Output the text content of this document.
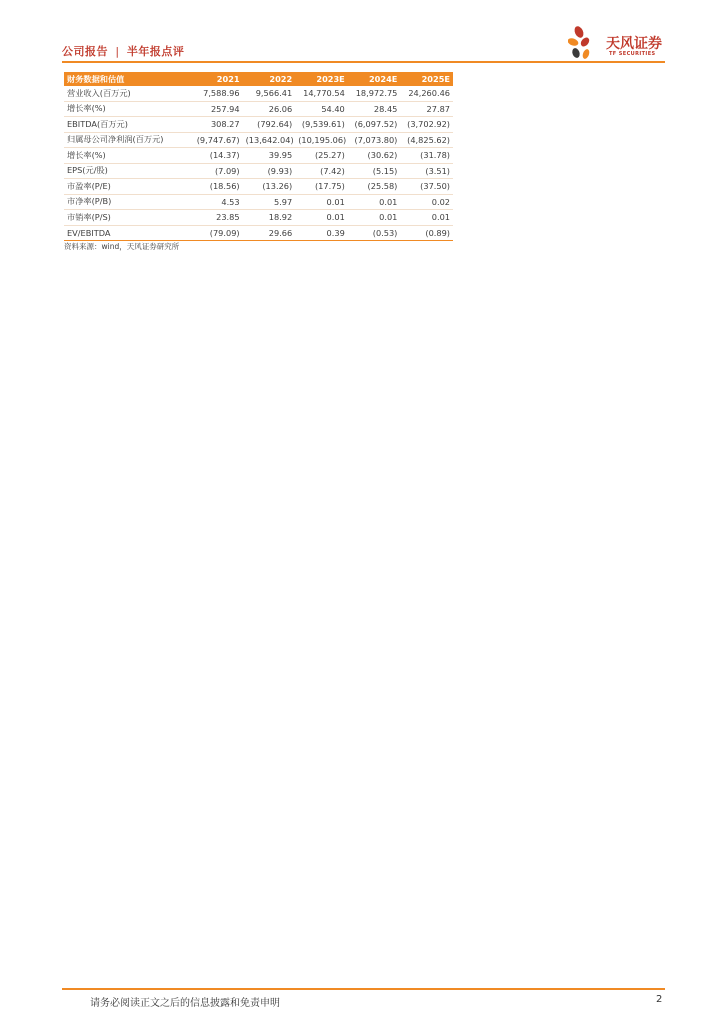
公司报告 | 半年报点评	天风证券
TF SECURITIES
财务数据和估值	2021	2022	2023E	2024E	2025E
营业收入(百万元)	7,588.96	9,566.41	14,770.54	18,972.75	24,260.46
增长率(%)	257.94	26.06	54.40	28.45	27.87
EBITDA(百万元)	308.27	(792.64)	(9,539.61)	(6,097.52)	(3,702.92)
归属母公司净利润(百万元)	(9,747.67)	(13,642.04)	(10,195.06)	(7,073.80)	(4,825.62)
增长率(%)	(14.37)	39.95	(25.27)	(30.62)	(31.78)
EPS(元/股)	(7.09)	(9.93)	(7.42)	(5.15)	(3.51)
市盈率(P/E)	(18.56)	(13.26)	(17.75)	(25.58)	(37.50)
市净率(P/B)	4.53	5.97	0.01	0.01	0.02
市销率(P/S)	23.85	18.92	0.01	0.01	0.01
EV/EBITDA	(79.09)	29.66	0.39	(0.53)	(0.89)
资料来源：wind，天风证券研究所
请务必阅读正文之后的信息披露和免责申明	2
